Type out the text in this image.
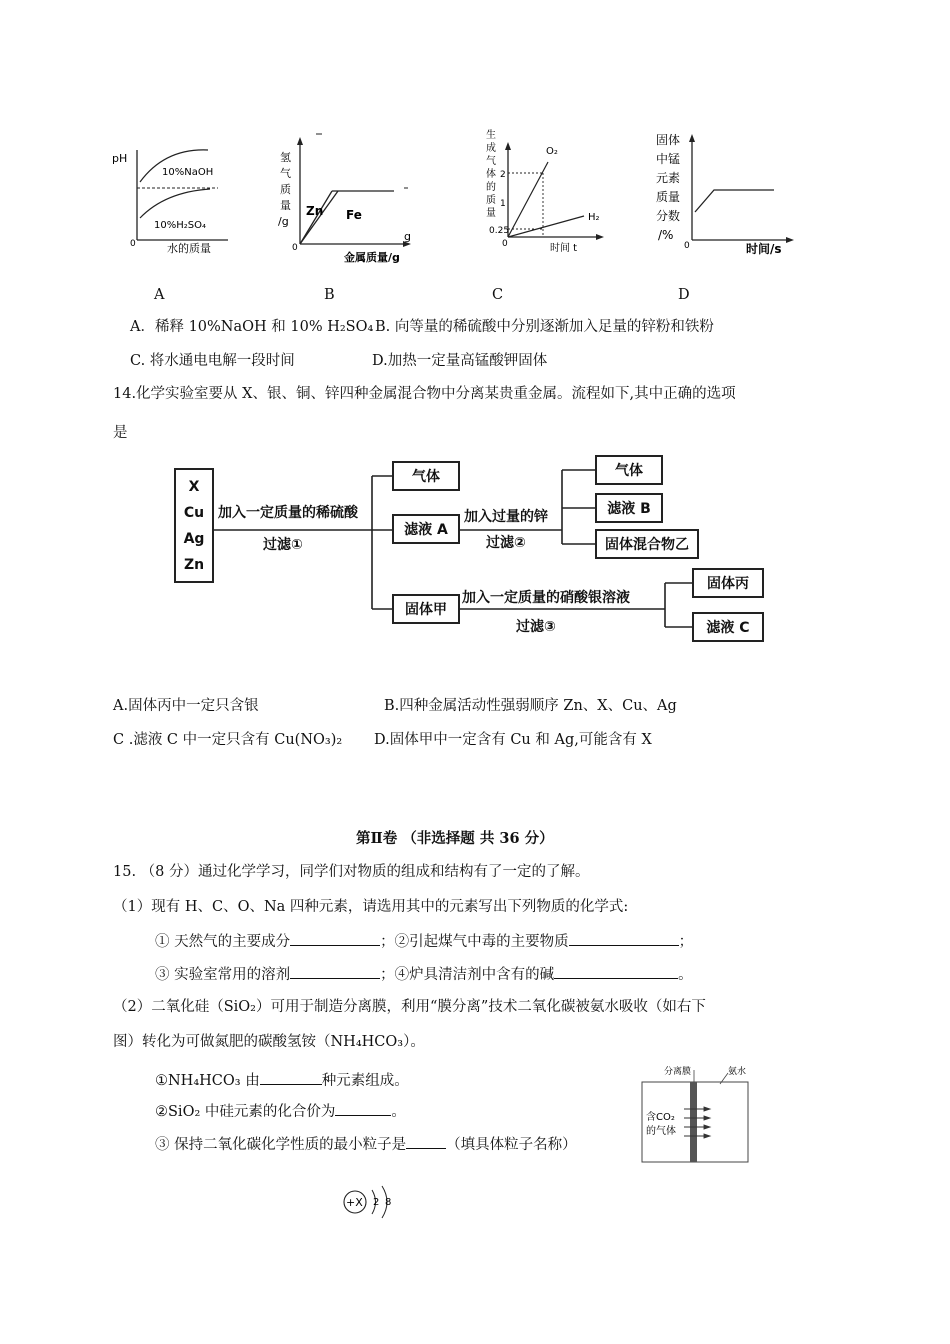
pH
10%NaOH
10%H₂SO₄
0	水的质量
氢
气
质
量
/g
Zn Fe
0
g
金属质量/g
生
成
气
体
的
质
量
2
1
0.25
O₂
H₂
0	时间 t
固体
中锰
元素
质量
分数
/%
0	时间/s
A	B	C	D
A．稀释 10%NaOH 和 10% H₂SO₄ B. 向等量的稀硫酸中分别逐渐加入足量的锌粉和铁粉
C. 将水通电电解一段时间	D.加热一定量高锰酸钾固体
14.化学实验室要从 X、银、铜、锌四种金属混合物中分离某贵重金属。流程如下,其中正确的选项
是
X
Cu
Ag
Zn
加入一定质量的稀硫酸
过滤①
气体
滤液 A
固体甲
加入过量的锌
过滤②
气体
滤液 B
固体混合物乙
加入一定质量的硝酸银溶液
过滤③
固体丙
滤液 C
A.固体丙中一定只含银	B.四种金属活动性强弱顺序 Zn、X、Cu、Ag
C .滤液 C 中一定只含有 Cu(NO₃)₂ D.固体甲中一定含有 Cu 和 Ag,可能含有 X
第Ⅱ卷 （非选择题 共 36 分）
15. （8 分）通过化学学习，同学们对物质的组成和结构有了一定的了解。
（1）现有 H、C、O、Na 四种元素，请选用其中的元素写出下列物质的化学式:
① 天然气的主要成分	；②引起煤气中毒的主要物质	；
③ 实验室常用的溶剂	；④炉具清洁剂中含有的碱	。
（2）二氧化硅（SiO₂）可用于制造分离膜，利用“膜分离”技术二氧化碳被氨水吸收（如右下
图）转化为可做氮肥的碳酸氢铵（NH₄HCO₃）。
①NH₄HCO₃ 由	种元素组成。
②SiO₂ 中硅元素的化合价为	。
③ 保持二氧化碳化学性质的最小粒子是	（填具体粒子名称）
分离膜	氨水
含CO₂
的气体
+X 2 8
